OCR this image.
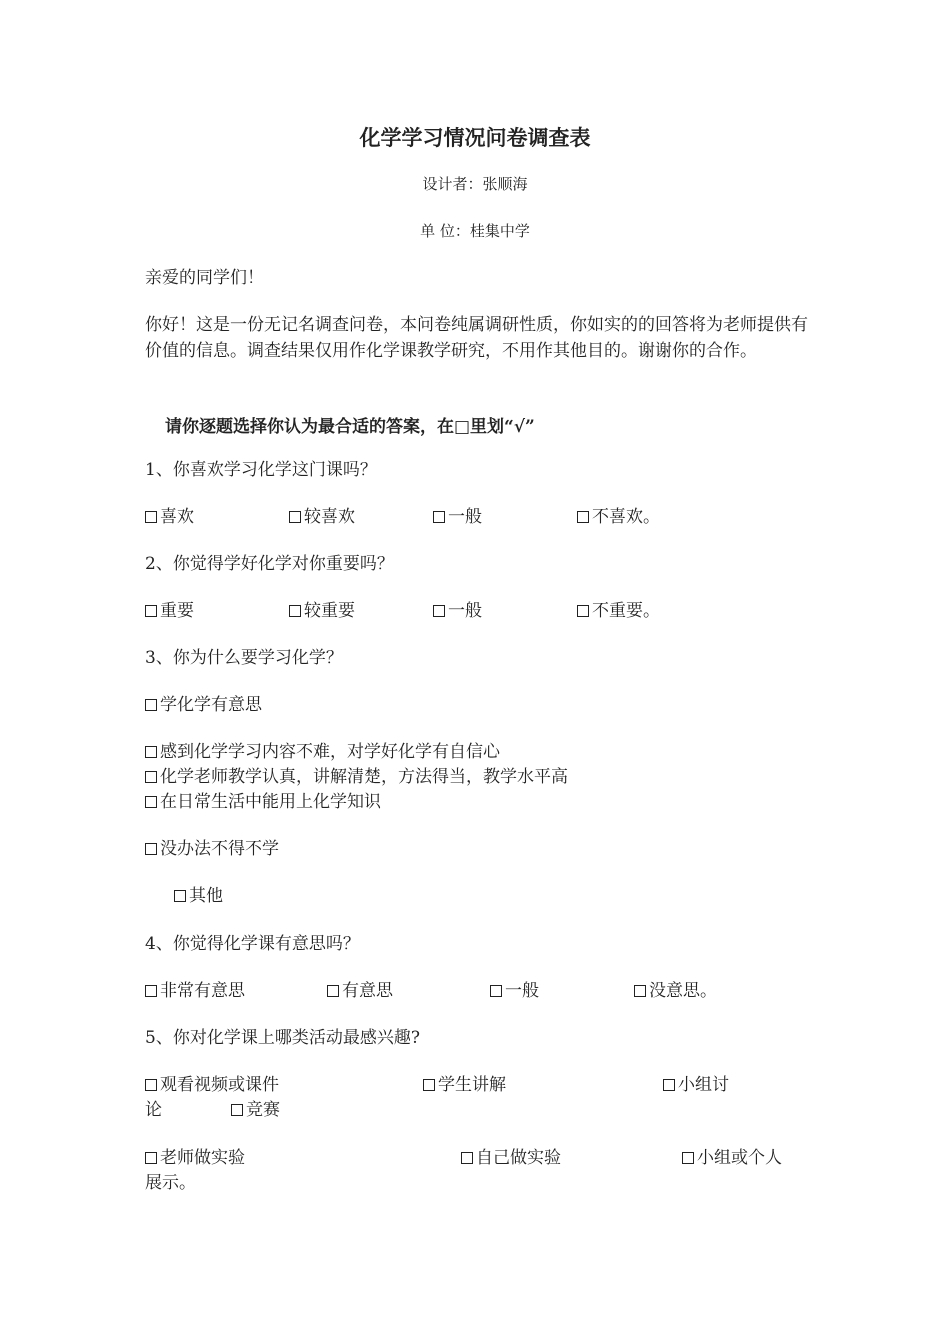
化学学习情况问卷调查表
设计者：张顺海
单 位：桂集中学
亲爱的同学们！
你好！这是一份无记名调查问卷，本问卷纯属调研性质，你如实的的回答将为老师提供有价值的信息。调查结果仅用作化学课教学研究，不用作其他目的。谢谢你的合作。
请你逐题选择你认为最合适的答案，在□里划“√”
1、你喜欢学习化学这门课吗？
喜欢	较喜欢	一般	不喜欢。
2、你觉得学好化学对你重要吗？
重要	较重要	一般	不重要。
3、你为什么要学习化学？
学化学有意思
感到化学学习内容不难，对学好化学有自信心
化学老师教学认真，讲解清楚，方法得当，教学水平高
在日常生活中能用上化学知识
没办法不得不学
其他
4、你觉得化学课有意思吗？
非常有意思	有意思	一般	没意思。
5、你对化学课上哪类活动最感兴趣?
观看视频或课件	学生讲解	小组讨
论	竞赛
老师做实验	自己做实验	小组或个人
展示。
